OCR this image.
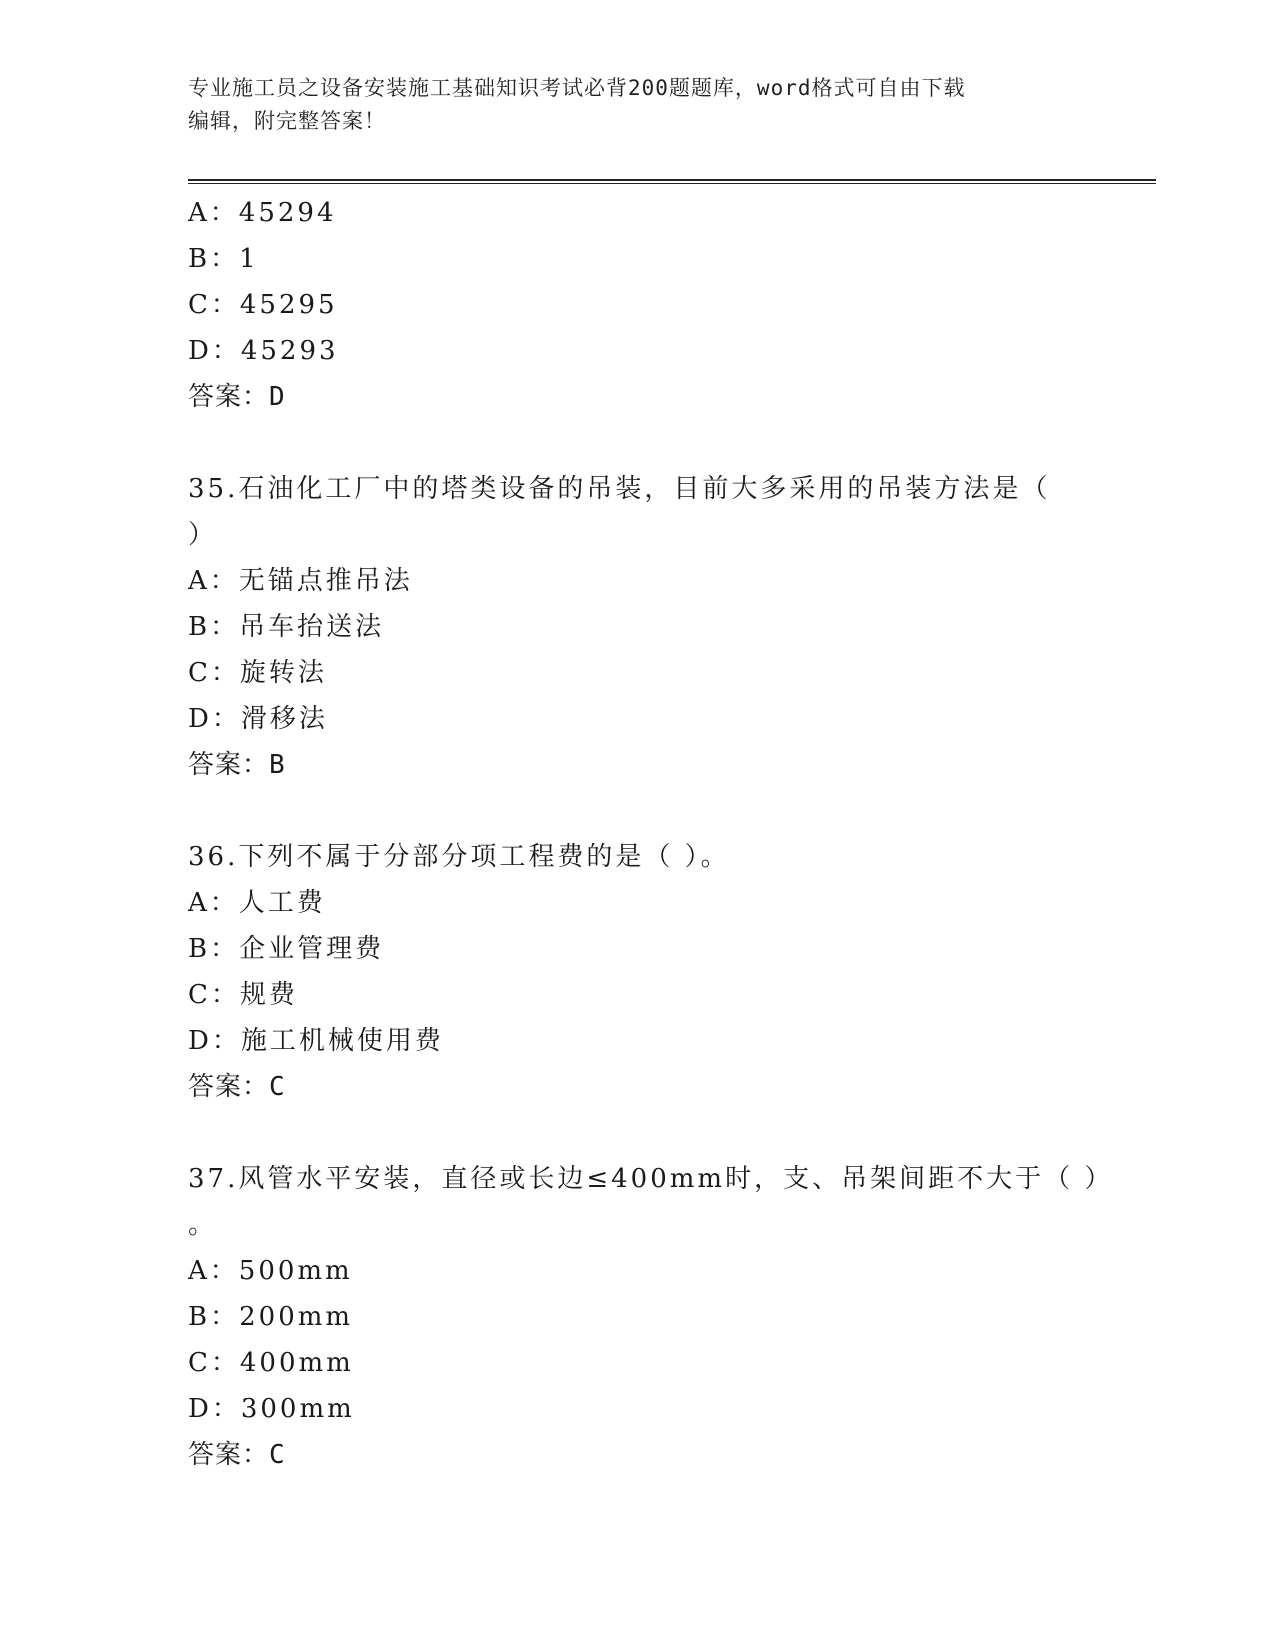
专业施工员之设备安装施工基础知识考试必背200题题库，word格式可自由下载
编辑，附完整答案！
A：45294
B：1
C：45295
D：45293
答案：D
35.石油化工厂中的塔类设备的吊装，目前大多采用的吊装方法是（
）
A：无锚点推吊法
B：吊车抬送法
C：旋转法
D：滑移法
答案：B
36.下列不属于分部分项工程费的是（ ）。
A：人工费
B：企业管理费
C：规费
D：施工机械使用费
答案：C
37.风管水平安装，直径或长边≤400mm时，支、吊架间距不大于（ ）
。
A：500mm
B：200mm
C：400mm
D：300mm
答案：C
